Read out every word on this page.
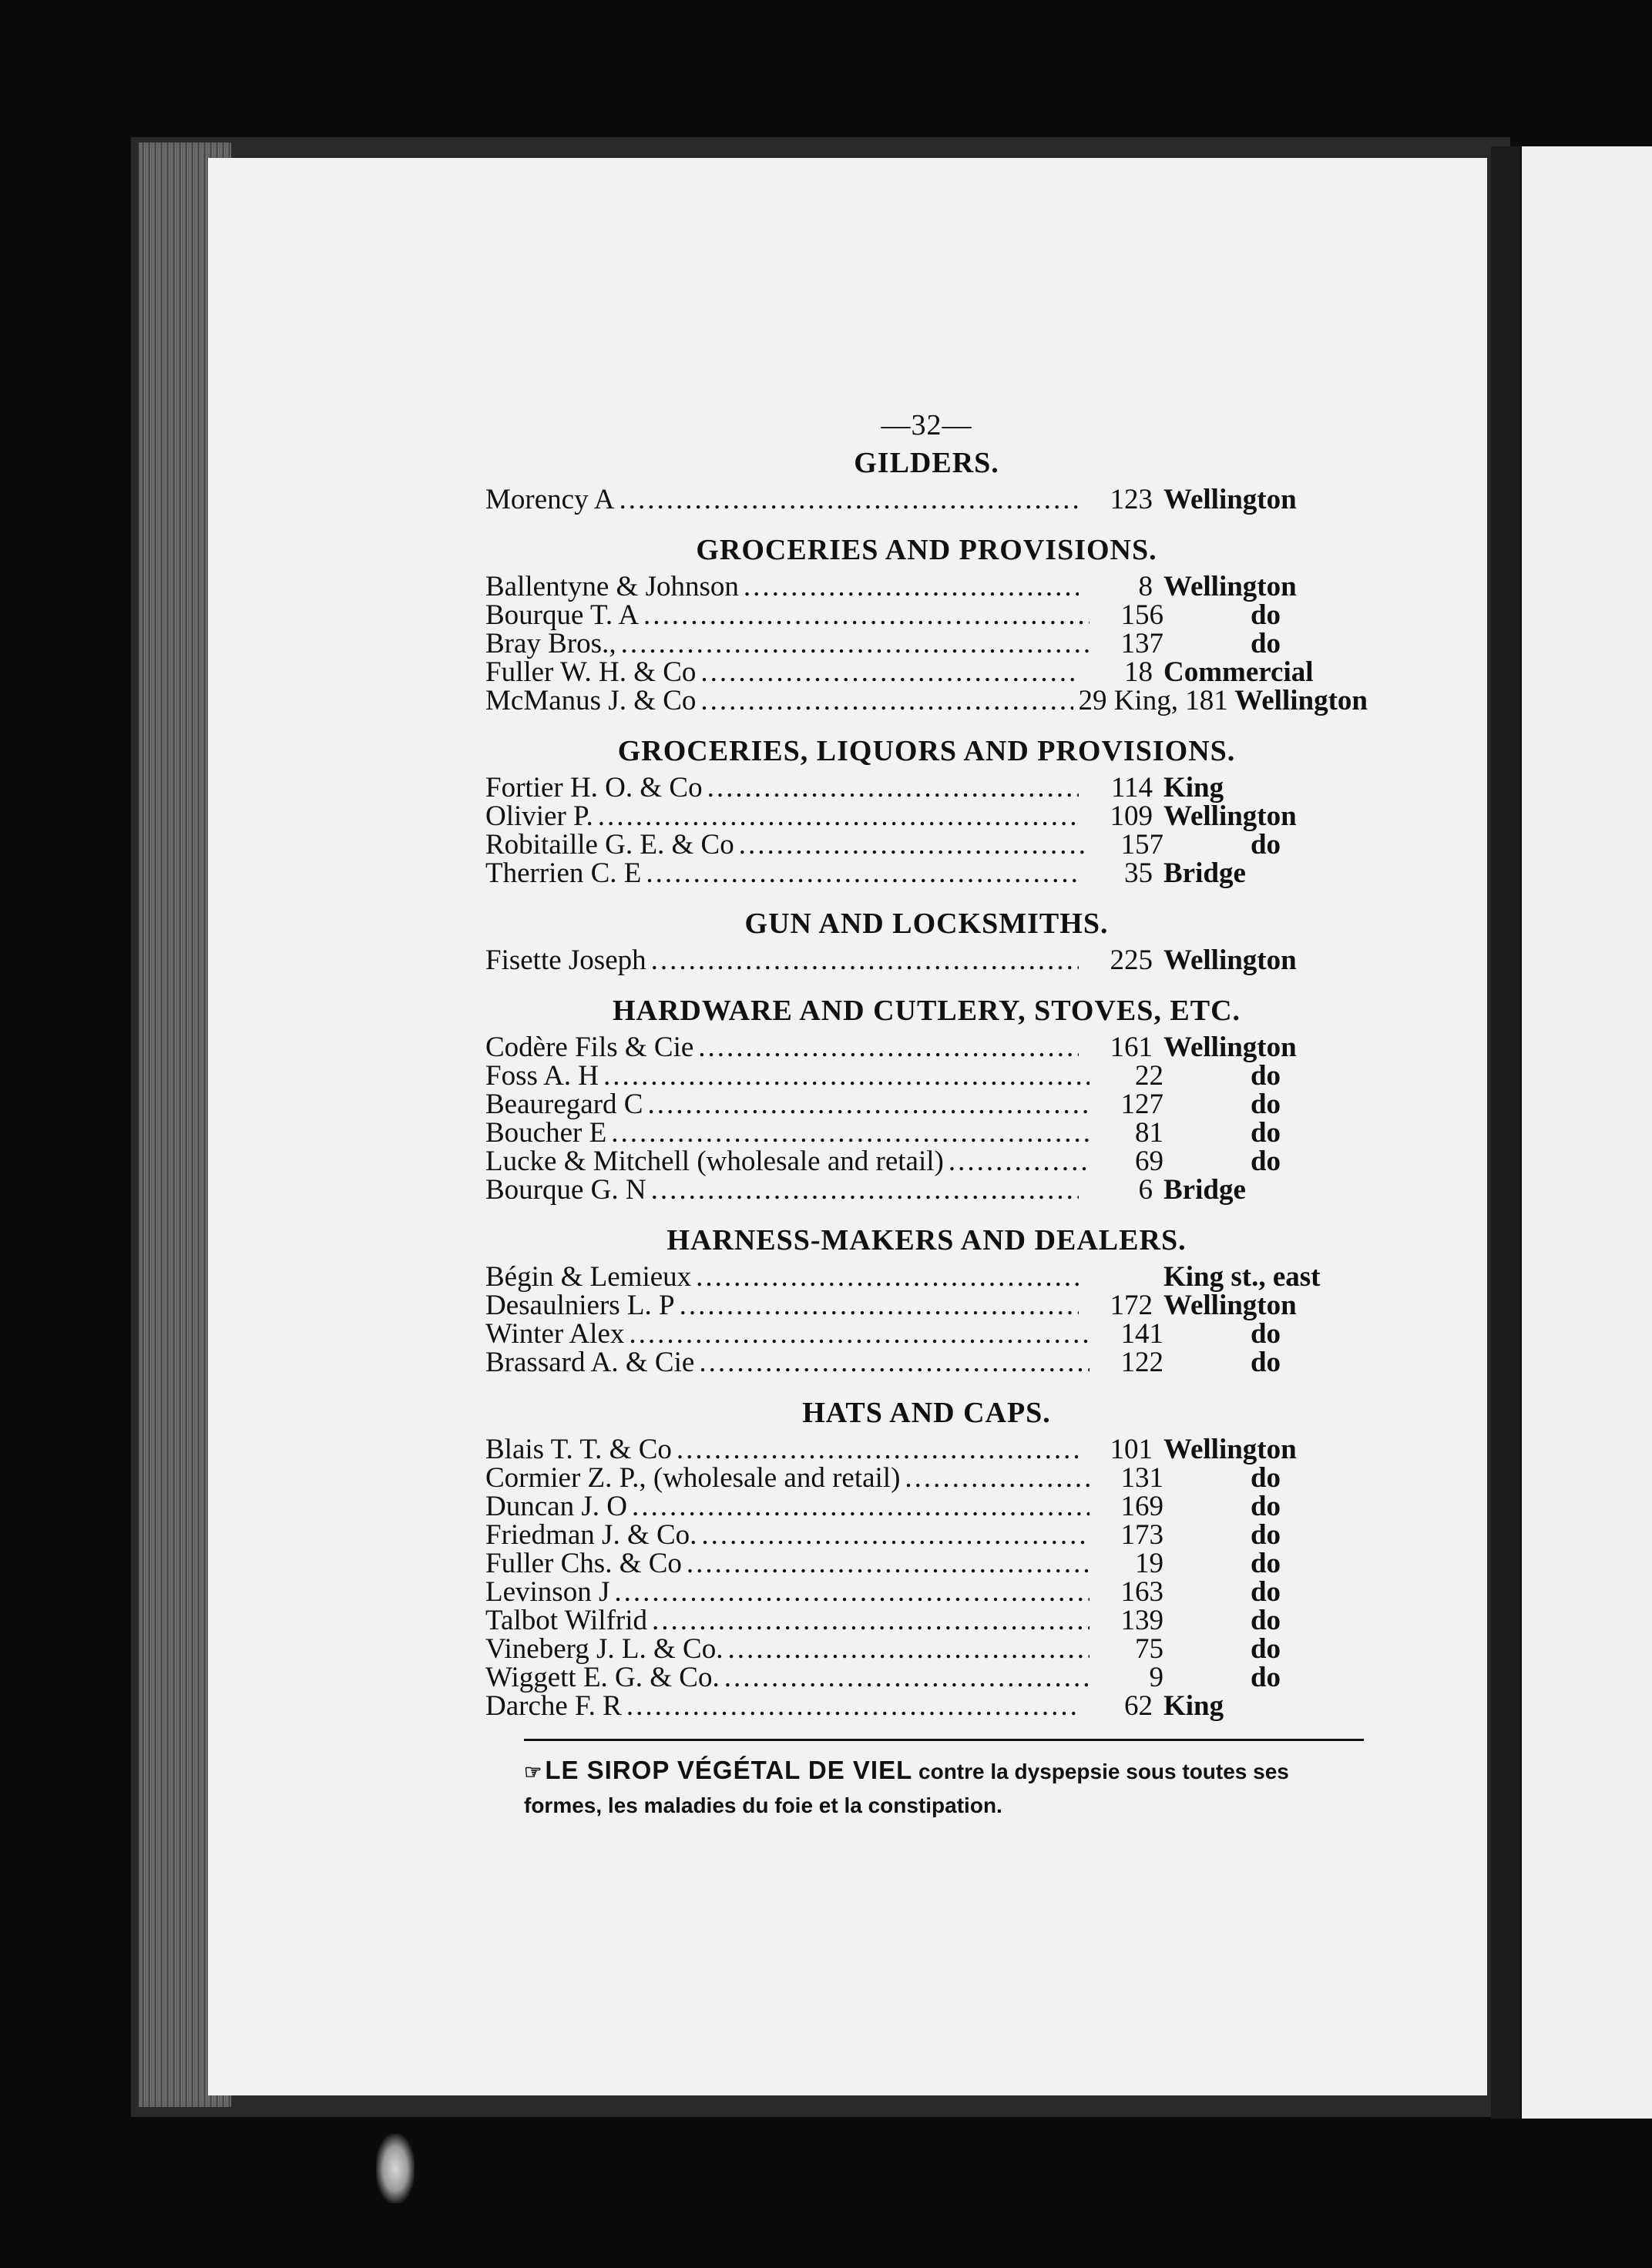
—32—
GILDERS.
Morency A .....	123 Wellington
GROCERIES AND PROVISIONS.
Ballentyne & Johnson .....	8 Wellington
Bourque T. A .....	156	do
Bray Bros., .....	137	do
Fuller W. H. & Co .....	18 Commercial
McManus J. & Co .....	29 King, 181 Wellington
GROCERIES, LIQUORS AND PROVISIONS.
Fortier H. O. & Co .....	114 King
Olivier P. .....	109 Wellington
Robitaille G. E. & Co .....	157	do
Therrien C. E .....	35 Bridge
GUN AND LOCKSMITHS.
Fisette Joseph .....	225 Wellington
HARDWARE AND CUTLERY, STOVES, ETC.
Codère Fils & Cie .....	161 Wellington
Foss A. H .....	22	do
Beauregard C .....	127	do
Boucher E .....	81	do
Lucke & Mitchell (wholesale and retail) .....	69	do
Bourque G. N .....	6 Bridge
HARNESS-MAKERS AND DEALERS.
Bégin & Lemieux .....	King st., east
Desaulniers L. P .....	172 Wellington
Winter Alex .....	141	do
Brassard A. & Cie .....	122	do
HATS AND CAPS.
Blais T. T. & Co .....	101 Wellington
Cormier Z. P., (wholesale and retail) .....	131	do
Duncan J. O .....	169	do
Friedman J. & Co. .....	173	do
Fuller Chs. & Co .....	19	do
Levinson J .....	163	do
Talbot Wilfrid .....	139	do
Vineberg J. L. & Co. .....	75	do
Wiggett E. G. & Co. .....	9	do
Darche F. R .....	62 King
☞ LE SIROP VÉGÉTAL DE VIEL contre la dyspepsie sous toutes ses formes, les maladies du foie et la constipation.
